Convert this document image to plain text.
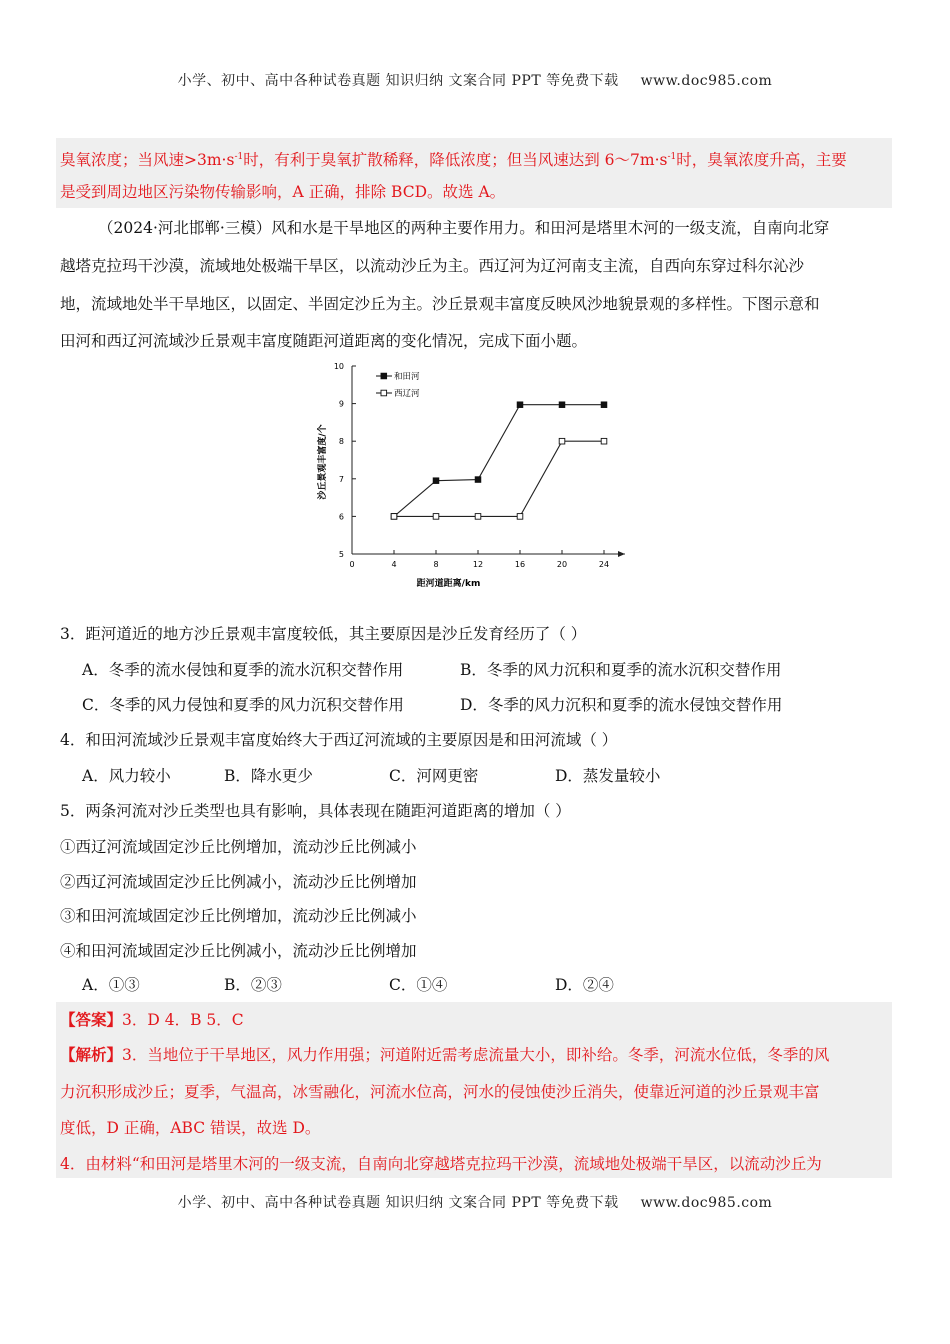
小学、初中、高中各种试卷真题 知识归纳 文案合同 PPT 等免费下载 www.doc985.com
臭氧浓度；当风速$>3m\cdot s^{-1}$时，有利于臭氧扩散稀释，降低浓度；但当风速达到 $6\sim 7m\cdot s^{-1}$时，臭氧浓度升高，主要
是受到周边地区污染物传输影响，A 正确，排除 BCD。故选 A。
（2024·河北邯郸·三模）风和水是干旱地区的两种主要作用力。和田河是塔里木河的一级支流，自南向北穿
越塔克拉玛干沙漠，流域地处极端干旱区，以流动沙丘为主。西辽河为辽河南支主流，自西向东穿过科尔沁沙
地，流域地处半干旱地区，以固定、半固定沙丘为主。沙丘景观丰富度反映风沙地貌景观的多样性。下图示意和
田河和西辽河流域沙丘景观丰富度随距河道距离的变化情况，完成下面小题。
5
6
7
8
9
10
0	4	8	12	16	20	24
距河道距离/km
沙丘景观丰富度/个
和田河
西辽河
3．距河道近的地方沙丘景观丰富度较低，其主要原因是沙丘发育经历了（ ）
A．冬季的流水侵蚀和夏季的流水沉积交替作用	B．冬季的风力沉积和夏季的流水沉积交替作用
C．冬季的风力侵蚀和夏季的风力沉积交替作用	D．冬季的风力沉积和夏季的流水侵蚀交替作用
4．和田河流域沙丘景观丰富度始终大于西辽河流域的主要原因是和田河流域（ ）
A．风力较小	B．降水更少	C．河网更密	D．蒸发量较小
5．两条河流对沙丘类型也具有影响，具体表现在随距河道距离的增加（ ）
①西辽河流域固定沙丘比例增加，流动沙丘比例减小
②西辽河流域固定沙丘比例减小，流动沙丘比例增加
③和田河流域固定沙丘比例增加，流动沙丘比例减小
④和田河流域固定沙丘比例减小，流动沙丘比例增加
A．①③	B．②③	C．①④	D．②④
【答案】3．D 4．B 5．C
【解析】3．当地位于干旱地区，风力作用强；河道附近需考虑流量大小，即补给。冬季，河流水位低，冬季的风
力沉积形成沙丘；夏季，气温高，冰雪融化，河流水位高，河水的侵蚀使沙丘消失，使靠近河道的沙丘景观丰富
度低，D 正确，ABC 错误，故选 D。
4．由材料“和田河是塔里木河的一级支流，自南向北穿越塔克拉玛干沙漠，流域地处极端干旱区，以流动沙丘为
小学、初中、高中各种试卷真题 知识归纳 文案合同 PPT 等免费下载 www.doc985.com
